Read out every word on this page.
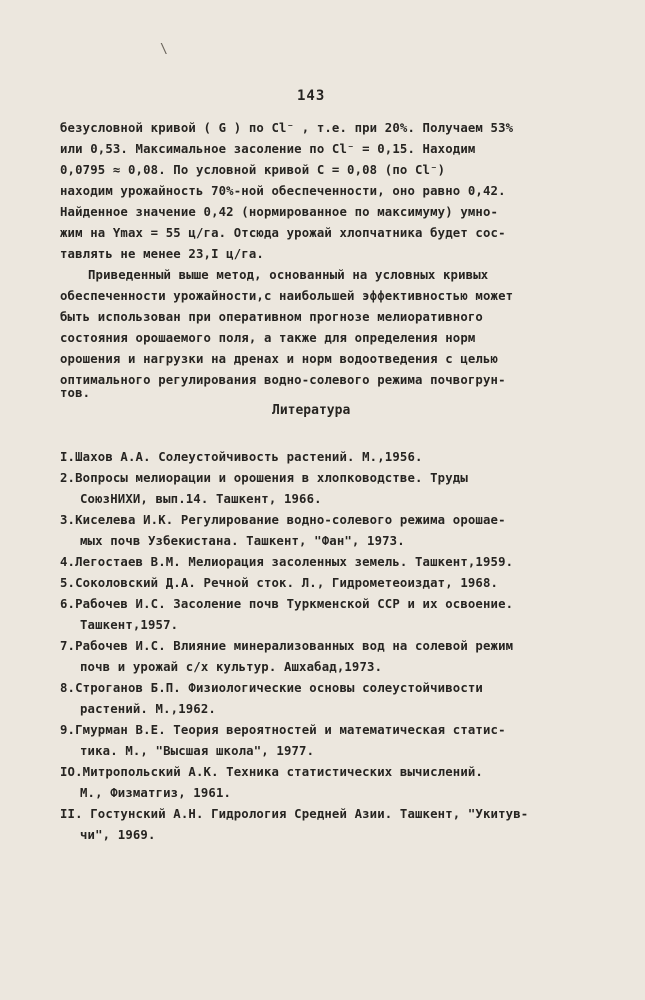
\
143
безусловной кривой ( G ) по Cl⁻ , т.е. при 20%. Получаем 53%
или 0,53. Максимальное засоление по Cl⁻ = 0,15. Находим
0,0795 ≈ 0,08. По условной кривой С = 0,08 (по Cl⁻)
находим урожайность 70%-ной обеспеченности, оно равно 0,42.
Найденное значение 0,42 (нормированное по максимуму) умно-
жим на Ymax = 55 ц/га. Отсюда урожай хлопчатника будет сос-
тавлять не менее 23,I ц/га.
Приведенный выше метод, основанный на условных кривых
обеспеченности урожайности,с наибольшей эффективностью может
быть использован при оперативном прогнозе мелиоративного
состояния орошаемого поля, а также для определения норм
орошения и нагрузки на дренах и норм водоотведения с целью
оптимального регулирования водно-солевого режима почвогрун-
тов.
Литература
I.Шахов А.А. Солеустойчивость растений. М.,1956.
2.Вопросы мелиорации и орошения в хлопководстве. Труды
СоюзНИХИ, вып.14. Ташкент, 1966.
3.Киселева И.К. Регулирование водно-солевого режима орошае-
мых почв Узбекистана. Ташкент, "Фан", 1973.
4.Легостаев В.М. Мелиорация засоленных земель. Ташкент,1959.
5.Соколовский Д.А. Речной сток. Л., Гидрометеоиздат, 1968.
6.Рабочев И.С. Засоление почв Туркменской ССР и их освоение.
Ташкент,1957.
7.Рабочев И.С. Влияние минерализованных вод на солевой режим
почв и урожай с/х культур. Ашхабад,1973.
8.Строганов Б.П. Физиологические основы солеустойчивости
растений. М.,1962.
9.Гмурман В.Е. Теория вероятностей и математическая статис-
тика. М., "Высшая школа", 1977.
IO.Митропольский А.К. Техника статистических вычислений.
М., Физматгиз, 1961.
II. Гостунский А.Н. Гидрология Средней Азии. Ташкент, "Укитув-
чи", 1969.
